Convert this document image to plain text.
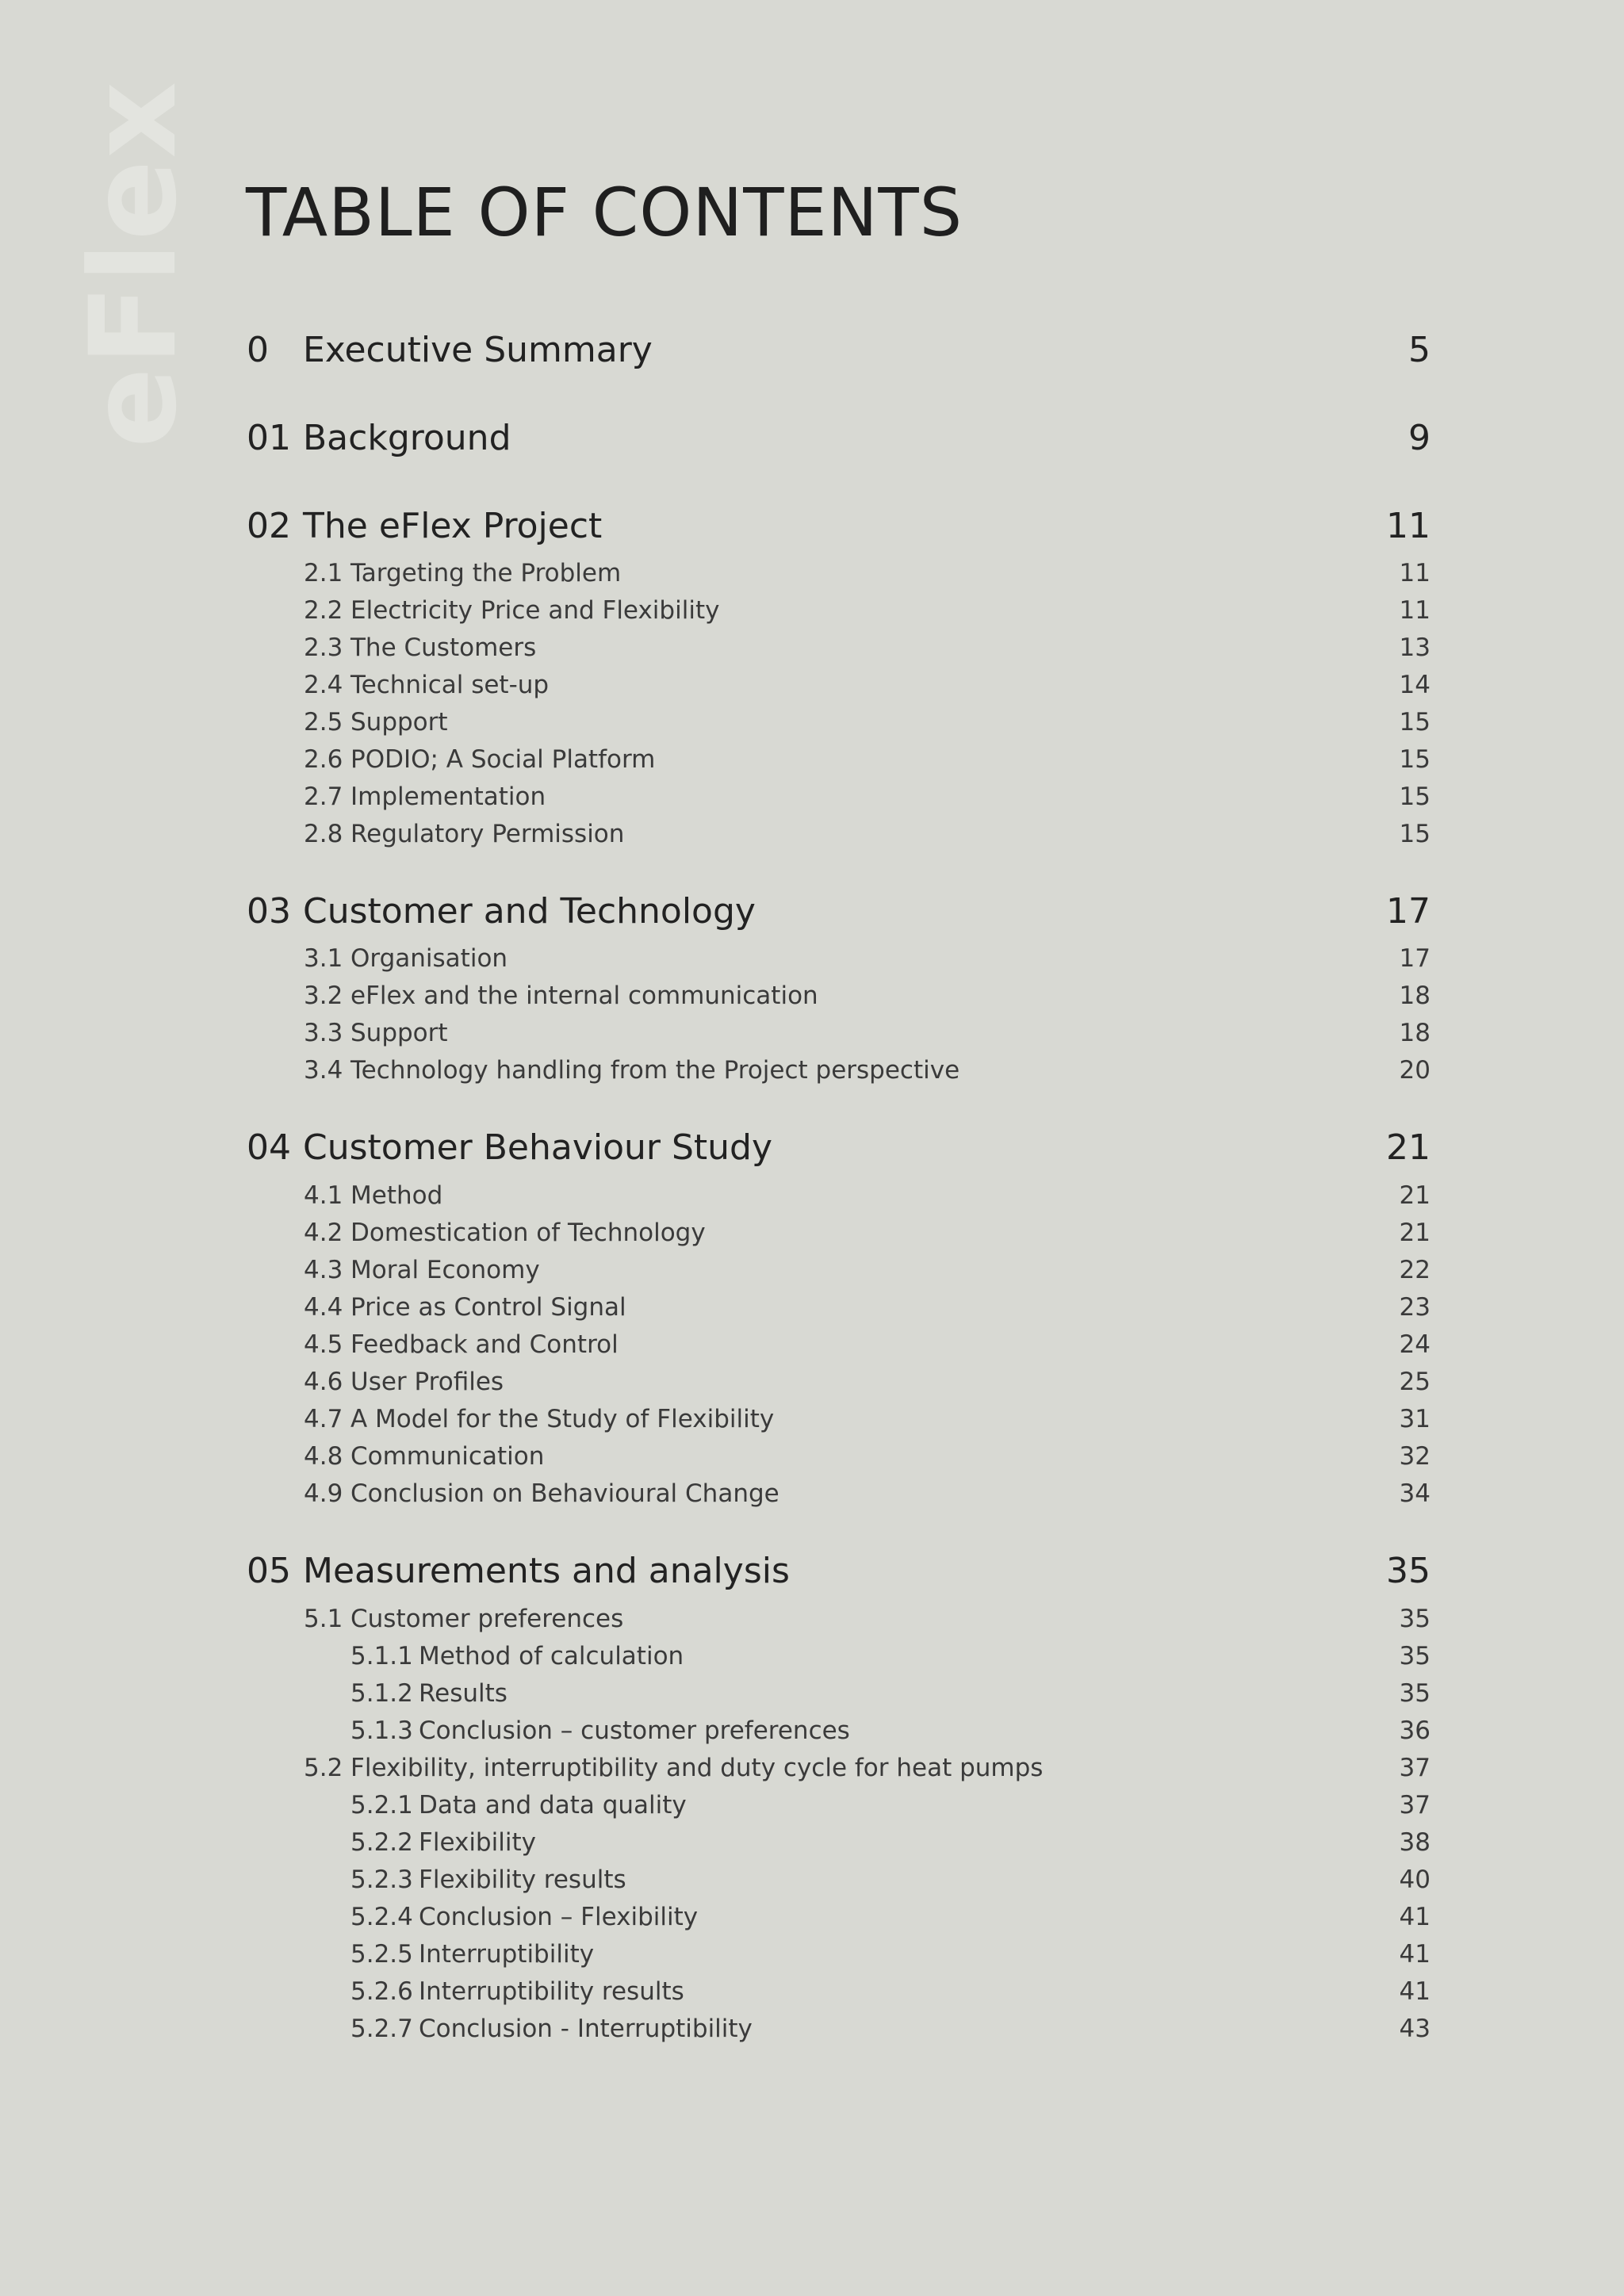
eFlex TABLE OF CONTENTS
0 Executive Summary	5
01 Background	9
02 The eFlex Project	11
2.1 Targeting the Problem	11
2.2 Electricity Price and Flexibility	11
2.3 The Customers	13
2.4 Technical set-up	14
2.5 Support	15
2.6 PODIO; A Social Platform	15
2.7 Implementation	15
2.8 Regulatory Permission	15
03 Customer and Technology	17
3.1 Organisation	17
3.2 eFlex and the internal communication	18
3.3 Support	18
3.4 Technology handling from the Project perspective	20
04 Customer Behaviour Study	21
4.1 Method	21
4.2 Domestication of Technology	21
4.3 Moral Economy	22
4.4 Price as Control Signal	23
4.5 Feedback and Control	24
4.6 User Profiles	25
4.7 A Model for the Study of Flexibility	31
4.8 Communication	32
4.9 Conclusion on Behavioural Change	34
05 Measurements and analysis	35
5.1 Customer preferences	35
5.1.1 Method of calculation	35
5.1.2 Results	35
5.1.3 Conclusion – customer preferences	36
5.2 Flexibility, interruptibility and duty cycle for heat pumps	37
5.2.1 Data and data quality	37
5.2.2 Flexibility	38
5.2.3 Flexibility results	40
5.2.4 Conclusion – Flexibility	41
5.2.5 Interruptibility	41
5.2.6 Interruptibility results	41
5.2.7 Conclusion - Interruptibility	43
